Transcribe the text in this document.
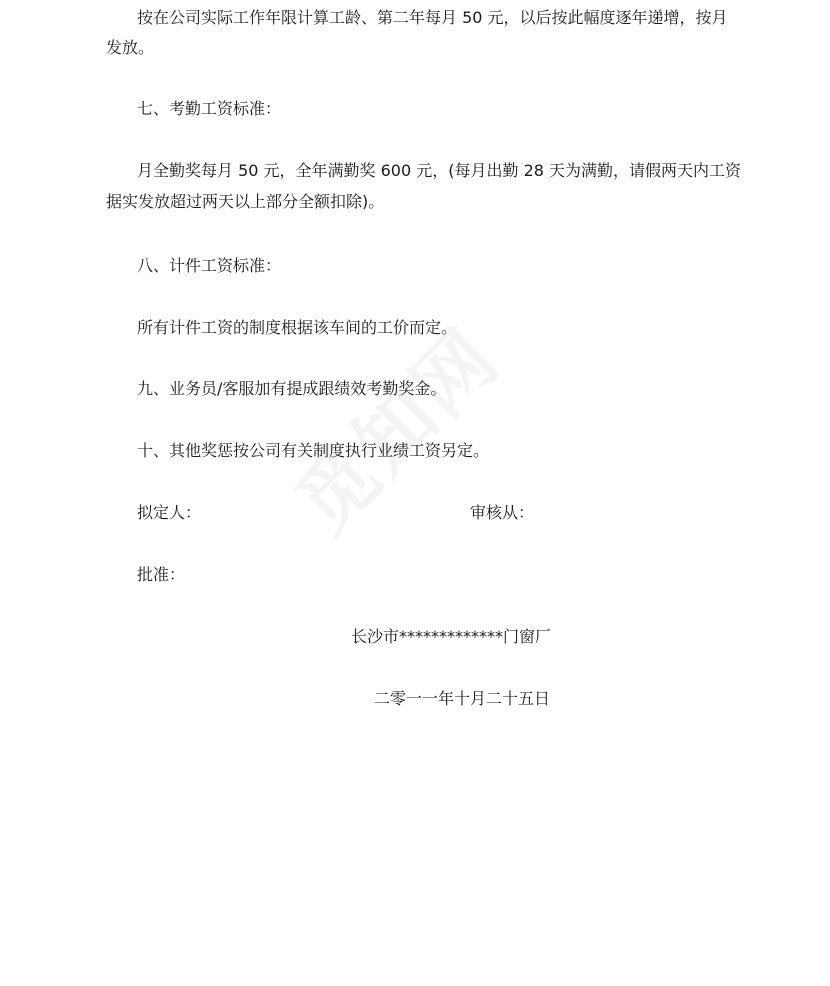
按在公司实际工作年限计算工龄、第二年每月 50 元，以后按此幅度逐年递增，按月

发放。

七、考勤工资标准：

月全勤奖每月 50 元，全年满勤奖 600 元，(每月出勤 28 天为满勤，请假两天内工资

据实发放超过两天以上部分全额扣除)。

八、计件工资标准：

所有计件工资的制度根据该车间的工价而定。

九、业务员/客服加有提成跟绩效考勤奖金。

十、其他奖惩按公司有关制度执行业绩工资另定。

拟定人：	审核从：

批准：

长沙市*************门窗厂

二零一一年十月二十五日
